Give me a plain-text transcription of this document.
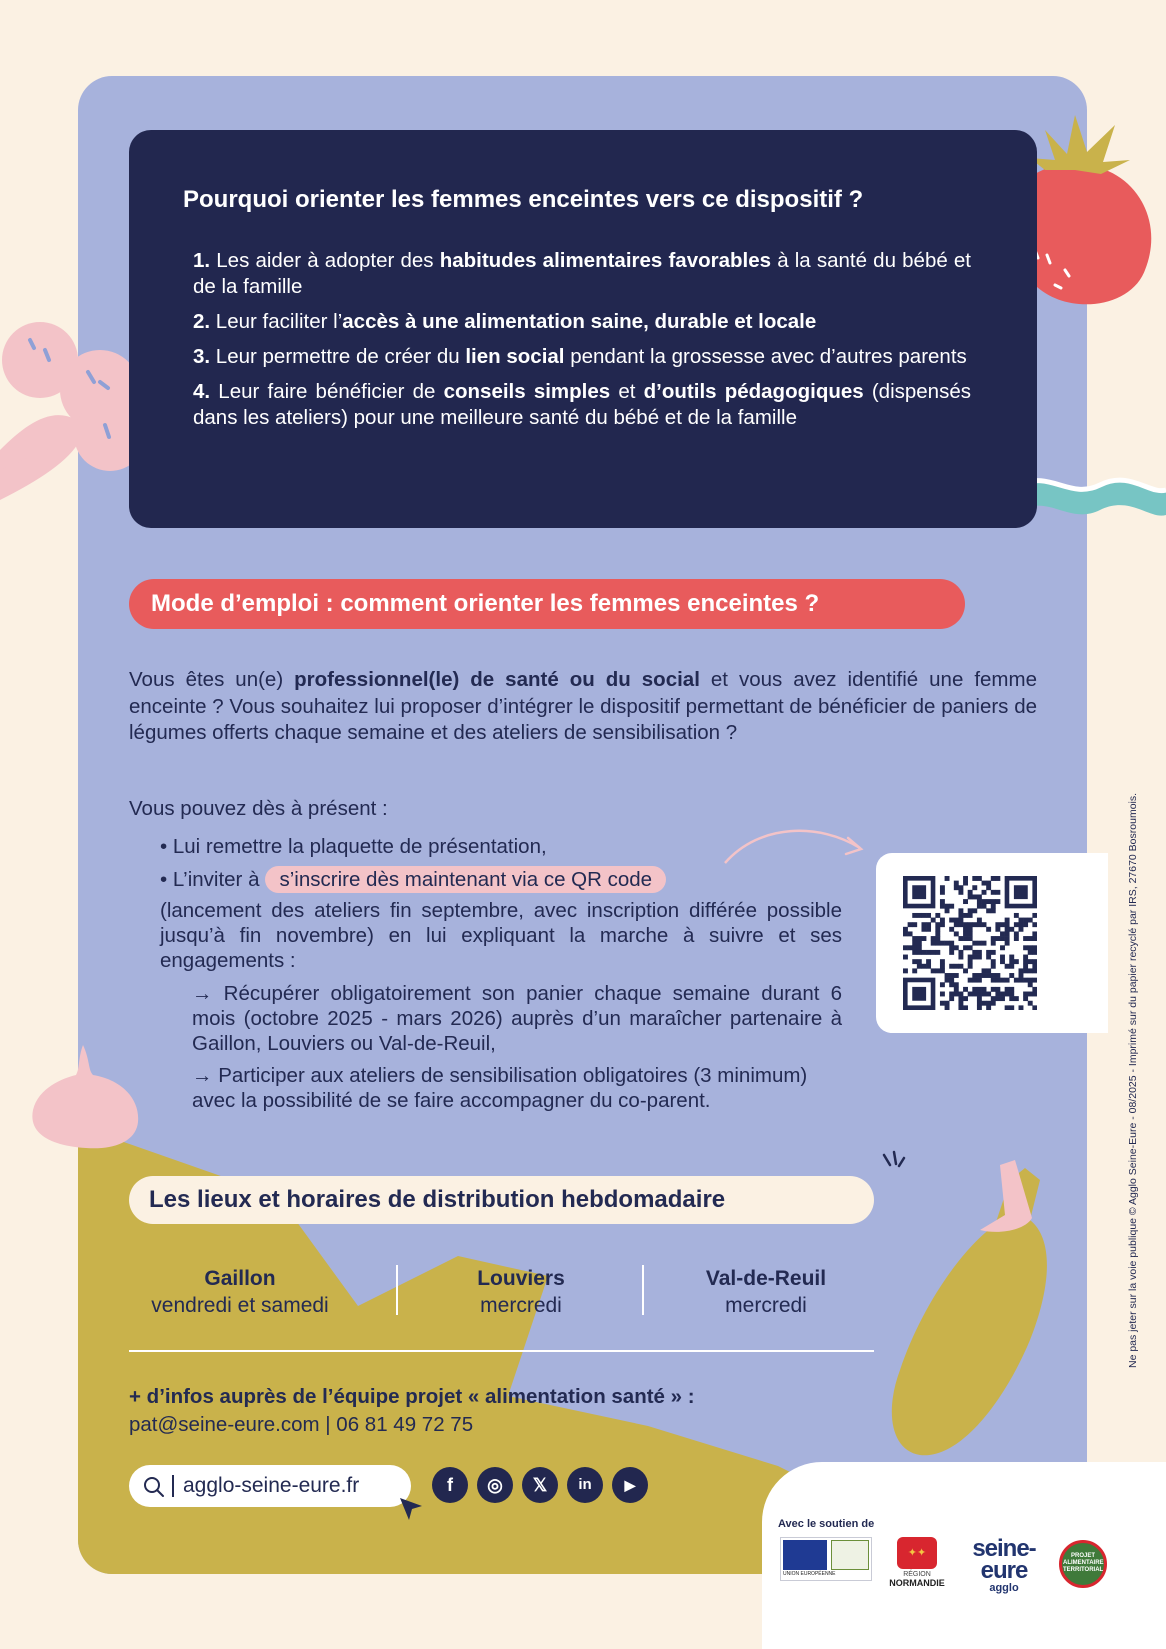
Pourquoi orienter les femmes enceintes vers ce dispositif ?
1. Les aider à adopter des habitudes alimentaires favorables à la santé du bébé et de la famille
2. Leur faciliter l’accès à une alimentation saine, durable et locale
3. Leur permettre de créer du lien social pendant la grossesse avec d’autres parents
4. Leur faire bénéficier de conseils simples et d’outils pédagogiques (dispensés dans les ateliers) pour une meilleure santé du bébé et de la famille
Mode d’emploi : comment orienter les femmes enceintes ?

Vous êtes un(e) professionnel(le) de santé ou du social et vous avez identifié une femme enceinte ? Vous souhaitez lui proposer d’intégrer le dispositif permettant de bénéficier de paniers de légumes offerts chaque semaine et des ateliers de sensibilisation ?

Vous pouvez dès à présent :

• Lui remettre la plaquette de présentation,

• L’inviter à s’inscrire dès maintenant via ce QR code

(lancement des ateliers fin septembre, avec inscription différée possible jusqu’à fin novembre) en lui expliquant la marche à suivre et ses engagements :

→ Récupérer obligatoirement son panier chaque semaine durant 6 mois (octobre 2025 - mars 2026) auprès d’un maraîcher partenaire à Gaillon, Louviers ou Val-de-Reuil,

→ Participer aux ateliers de sensibilisation obligatoires (3 minimum) avec la possibilité de se faire accompagner du co-parent.

Les lieux et horaires de distribution hebdomadaire
Gaillon
vendredi et samedi
Louviers
mercredi
Val-de-Reuil
mercredi
+ d’infos auprès de l’équipe projet « alimentation santé » :
pat@seine-eure.com | 06 81 49 72 75
agglo-seine-eure.fr	f	◎	𝕏	in	▶
Avec le soutien de
UNION EUROPÉENNE
✦✦
RÉGION
NORMANDIE
seine-eure
agglo
PROJET ALIMENTAIRE TERRITORIAL
Ne pas jeter sur la voie publique © Agglo Seine-Eure - 08/2025 - Imprimé sur du papier recyclé par IRS, 27670 Bosroumois.
